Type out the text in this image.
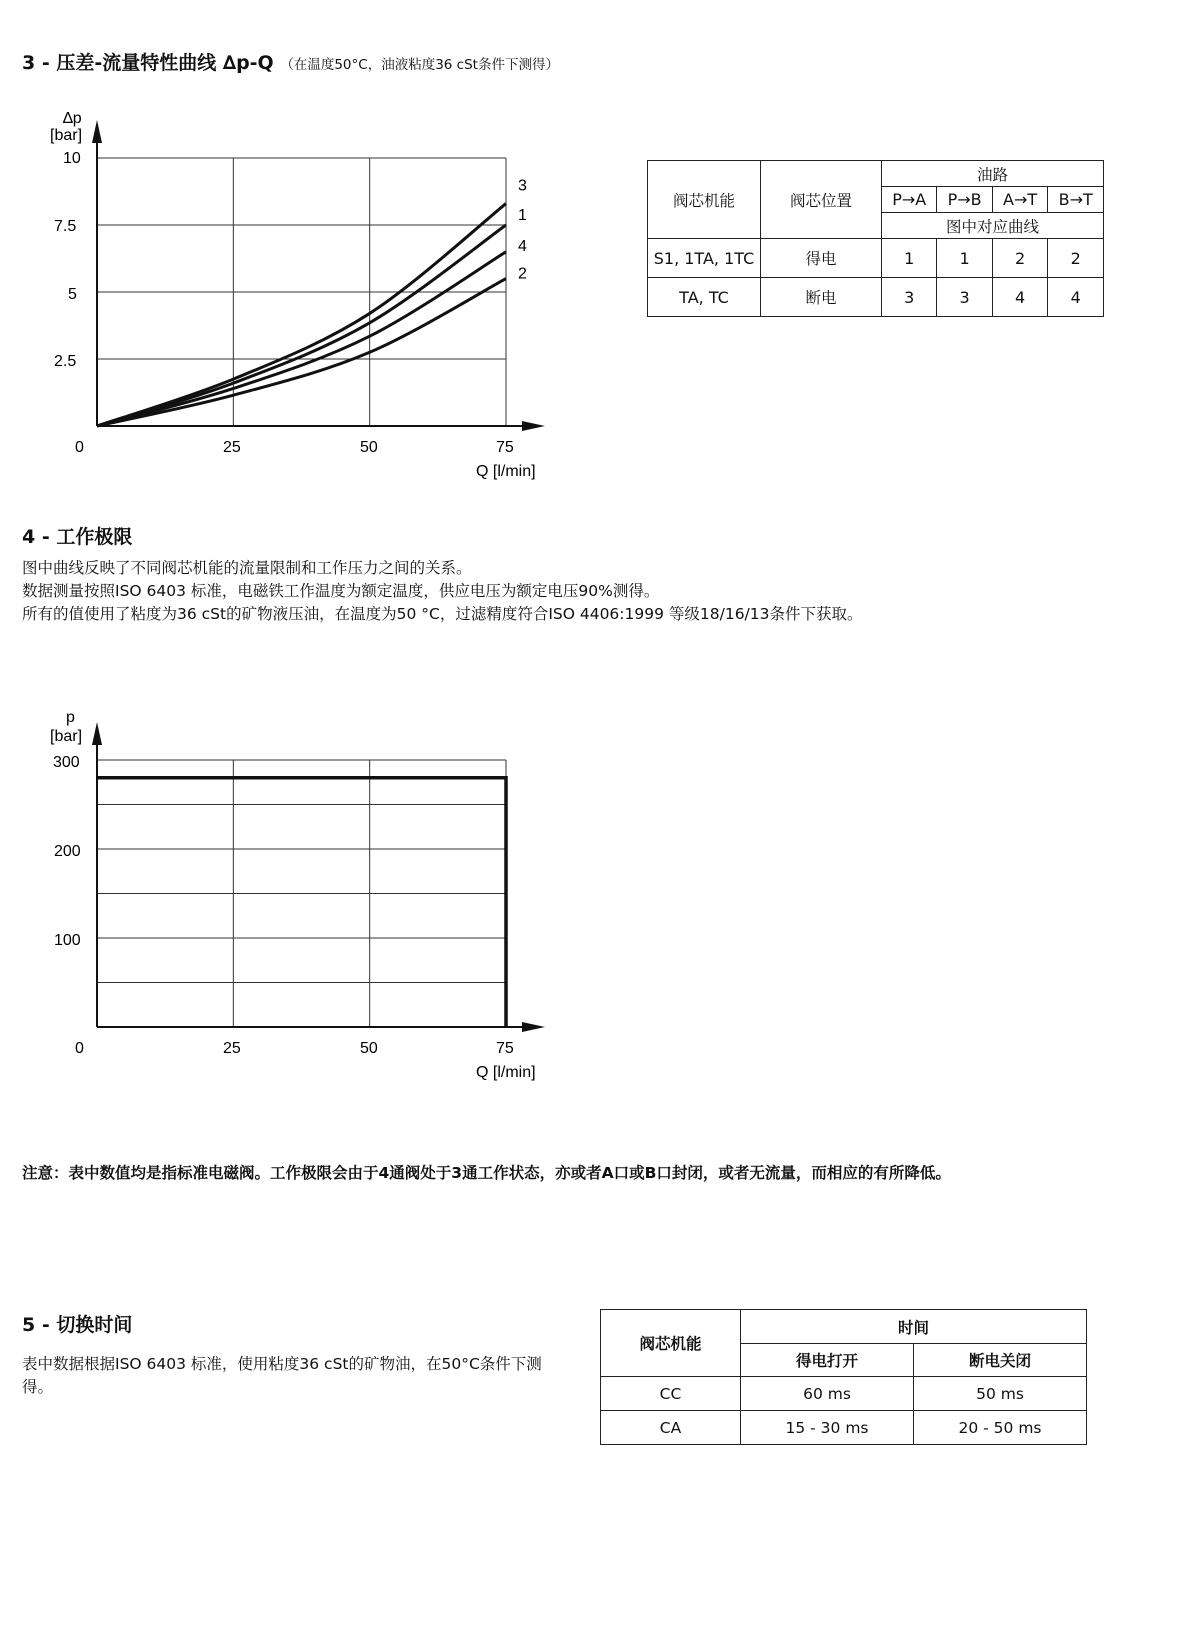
3 - 压差-流量特性曲线 ∆p-Q （在温度50°C，油液粘度36 cSt条件下测得）
3
1
4
2
∆p
[bar]
10
7.5
5
2.5
0	25	50	75
Q [l/min]
阀芯机能	阀芯位置	油路			
		P→A	P→B	A→T	B→T
		图中对应曲线			
S1, 1TA, 1TC	得电	1	1	2	2
TA, TC	断电	3	3	4	4
4 - 工作极限
图中曲线反映了不同阀芯机能的流量限制和工作压力之间的关系。
数据测量按照ISO 6403 标准，电磁铁工作温度为额定温度，供应电压为额定电压90%测得。
所有的值使用了粘度为36 cSt的矿物液压油，在温度为50 °C，过滤精度符合ISO 4406:1999 等级18/16/13条件下获取。
p
[bar]
300
200
100
0	25	50	75
Q [l/min]
注意：表中数值均是指标准电磁阀。工作极限会由于4通阀处于3通工作状态，亦或者A口或B口封闭，或者无流量，而相应的有所降低。
5 - 切换时间
表中数据根据ISO 6403 标准，使用粘度36 cSt的矿物油，在50°C条件下测得。
阀芯机能	时间	
	得电打开	断电关闭
CC	60 ms	50 ms
CA	15 - 30 ms	20 - 50 ms
